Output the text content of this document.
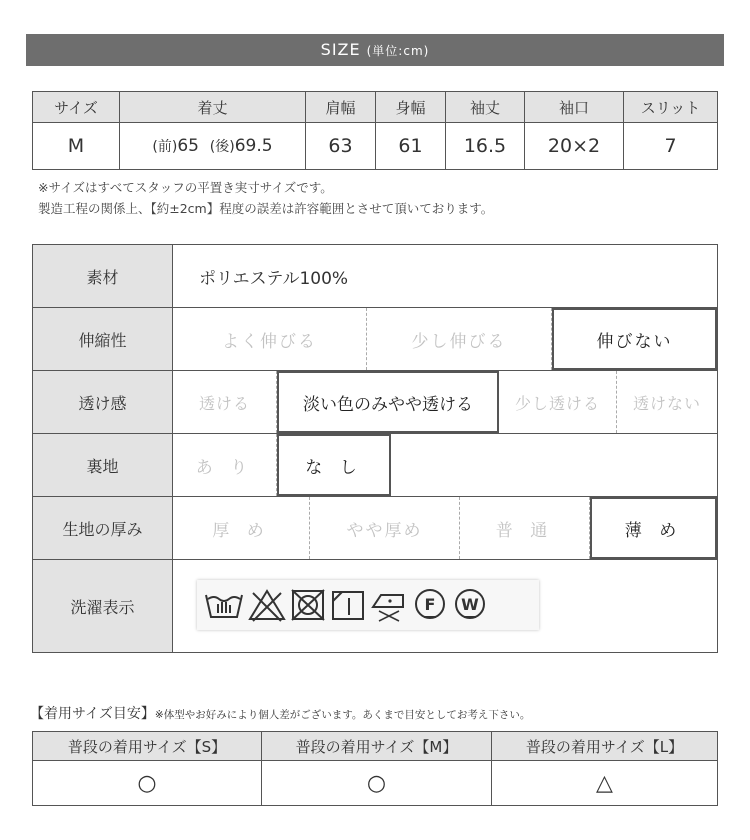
SIZE (単位:cm)
サイズ	着丈	肩幅	身幅	袖丈	袖口	スリット
M	(前)65 (後)69.5	63	61	16.5	20×2	7
※サイズはすべてスタッフの平置き実寸サイズです。
製造工程の関係上、【約±2cm】程度の誤差は許容範囲とさせて頂いております。
素材	ポリエステル100%
伸縮性	よく伸びる	少し伸びる	伸びない
透け感	透ける	淡い色のみやや透ける	少し透ける	透けない
裏地	あ り	な し
生地の厚み	厚 め	やや厚め	普 通	薄 め
洗濯表示	F W
【着用サイズ目安】※体型やお好みにより個人差がございます。あくまで目安としてお考え下さい。
普段の着用サイズ【S】	普段の着用サイズ【M】	普段の着用サイズ【L】
○	○	△
